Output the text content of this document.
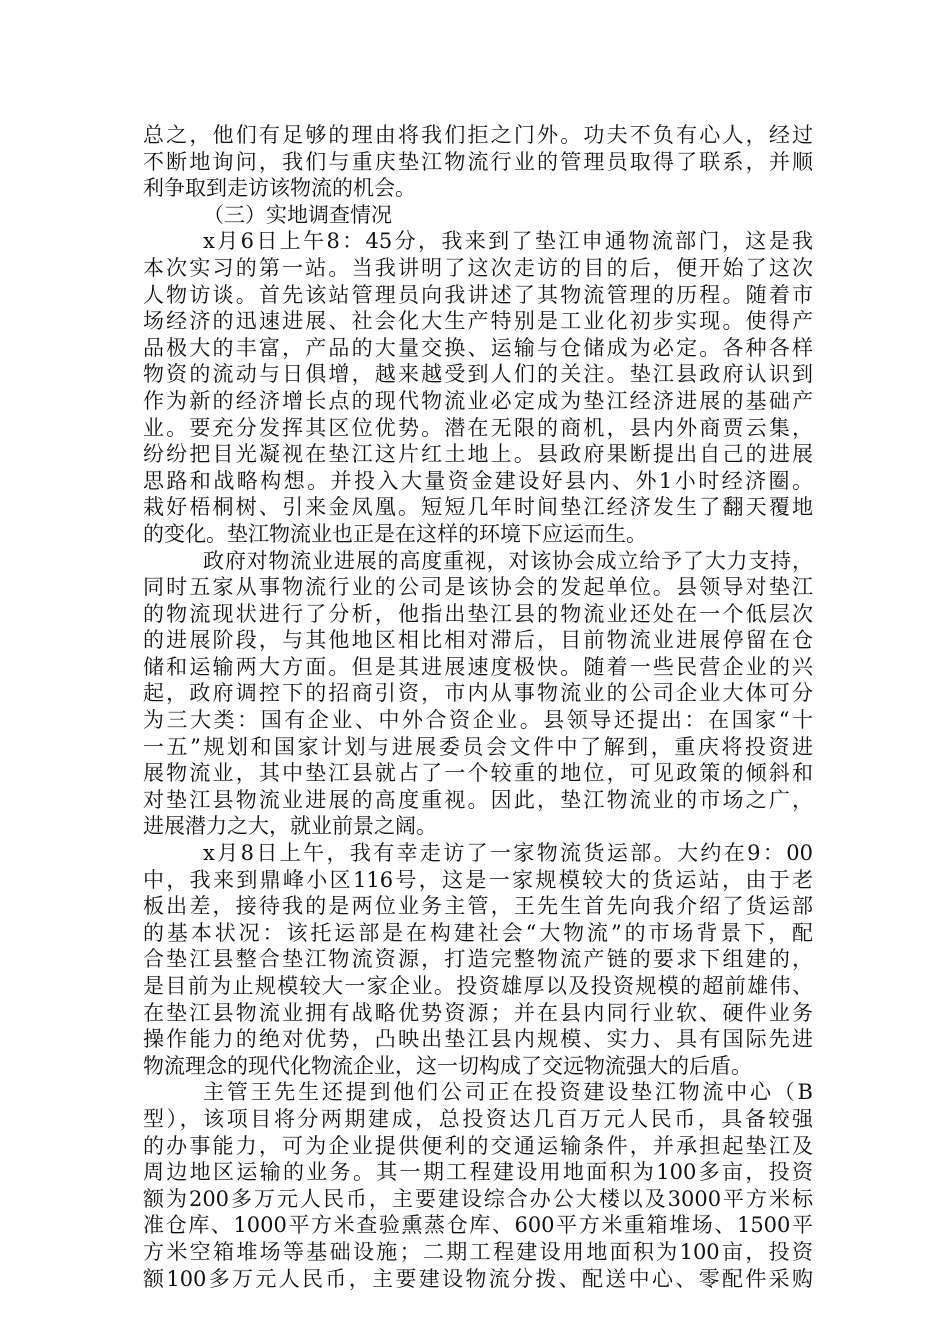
总之，他们有足够的理由将我们拒之门外。功夫不负有心人，经过
不断地询问，我们与重庆垫江物流行业的管理员取得了联系，并顺
利争取到走访该物流的机会。
（三）实地调查情况
x月6日上午8：45分，我来到了垫江申通物流部门，这是我
本次实习的第一站。当我讲明了这次走访的目的后，便开始了这次
人物访谈。首先该站管理员向我讲述了其物流管理的历程。随着市
场经济的迅速进展、社会化大生产特别是工业化初步实现。使得产
品极大的丰富，产品的大量交换、运输与仓储成为必定。各种各样
物资的流动与日俱增，越来越受到人们的关注。垫江县政府认识到
作为新的经济增长点的现代物流业必定成为垫江经济进展的基础产
业。要充分发挥其区位优势。潜在无限的商机，县内外商贾云集，
纷纷把目光凝视在垫江这片红土地上。县政府果断提出自己的进展
思路和战略构想。并投入大量资金建设好县内、外1小时经济圈。
栽好梧桐树、引来金凤凰。短短几年时间垫江经济发生了翻天覆地
的变化。垫江物流业也正是在这样的环境下应运而生。
政府对物流业进展的高度重视，对该协会成立给予了大力支持，
同时五家从事物流行业的公司是该协会的发起单位。县领导对垫江
的物流现状进行了分析，他指出垫江县的物流业还处在一个低层次
的进展阶段，与其他地区相比相对滞后，目前物流业进展停留在仓
储和运输两大方面。但是其进展速度极快。随着一些民营企业的兴
起，政府调控下的招商引资，市内从事物流业的公司企业大体可分
为三大类：国有企业、中外合资企业。县领导还提出：在国家“十
一五”规划和国家计划与进展委员会文件中了解到，重庆将投资进
展物流业，其中垫江县就占了一个较重的地位，可见政策的倾斜和
对垫江县物流业进展的高度重视。因此，垫江物流业的市场之广，
进展潜力之大，就业前景之阔。
x月8日上午，我有幸走访了一家物流货运部。大约在9：00
中，我来到鼎峰小区116号，这是一家规模较大的货运站，由于老
板出差，接待我的是两位业务主管，王先生首先向我介绍了货运部
的基本状况：该托运部是在构建社会“大物流”的市场背景下，配
合垫江县整合垫江物流资源，打造完整物流产链的要求下组建的，
是目前为止规模较大一家企业。投资雄厚以及投资规模的超前雄伟、
在垫江县物流业拥有战略优势资源；并在县内同行业软、硬件业务
操作能力的绝对优势，凸映出垫江县内规模、实力、具有国际先进
物流理念的现代化物流企业，这一切构成了交远物流强大的后盾。
主管王先生还提到他们公司正在投资建设垫江物流中心（B
型），该项目将分两期建成，总投资达几百万元人民币，具备较强
的办事能力，可为企业提供便利的交通运输条件，并承担起垫江及
周边地区运输的业务。其一期工程建设用地面积为100多亩，投资
额为200多万元人民币，主要建设综合办公大楼以及3000平方米标
准仓库、1000平方米查验熏蒸仓库、600平方米重箱堆场、1500平
方米空箱堆场等基础设施；二期工程建设用地面积为100亩，投资
额100多万元人民币，主要建设物流分拨、配送中心、零配件采购
